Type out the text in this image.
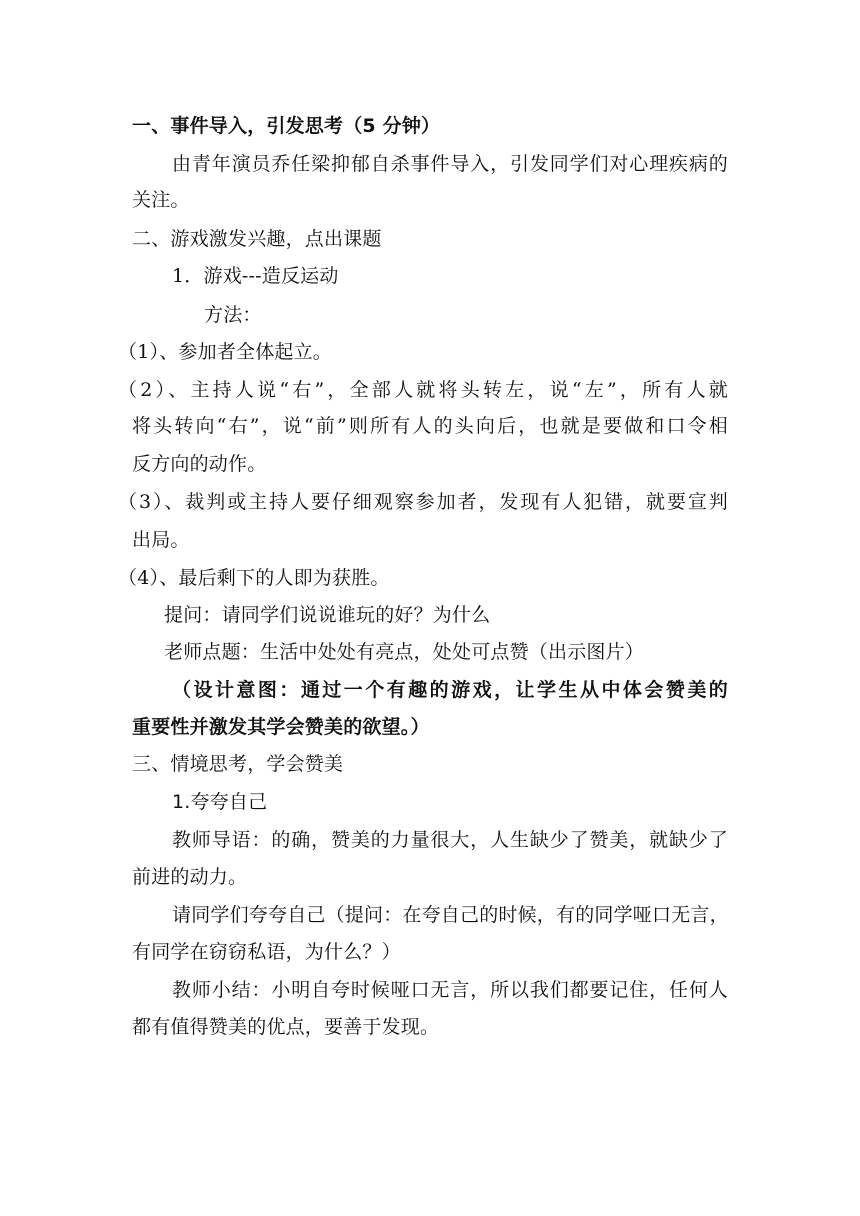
一、事件导入，引发思考（5 分钟）
由青年演员乔任梁抑郁自杀事件导入，引发同学们对心理疾病的
关注。
二、游戏激发兴趣，点出课题
1．游戏---造反运动
方法：
（1）、参加者全体起立。
（2）、主持人说“右”，全部人就将头转左，说“左”，所有人就
将头转向“右”，说“前”则所有人的头向后，也就是要做和口令相
反方向的动作。
（3）、裁判或主持人要仔细观察参加者，发现有人犯错，就要宣判
出局。
（4）、最后剩下的人即为获胜。
提问：请同学们说说谁玩的好？为什么
老师点题：生活中处处有亮点，处处可点赞（出示图片）
（设计意图：通过一个有趣的游戏，让学生从中体会赞美的
重要性并激发其学会赞美的欲望。）
三、情境思考，学会赞美
1.夸夸自己
教师导语：的确，赞美的力量很大，人生缺少了赞美，就缺少了
前进的动力。
请同学们夸夸自己（提问：在夸自己的时候，有的同学哑口无言，
有同学在窃窃私语，为什么？）
教师小结：小明自夸时候哑口无言，所以我们都要记住，任何人
都有值得赞美的优点，要善于发现。
